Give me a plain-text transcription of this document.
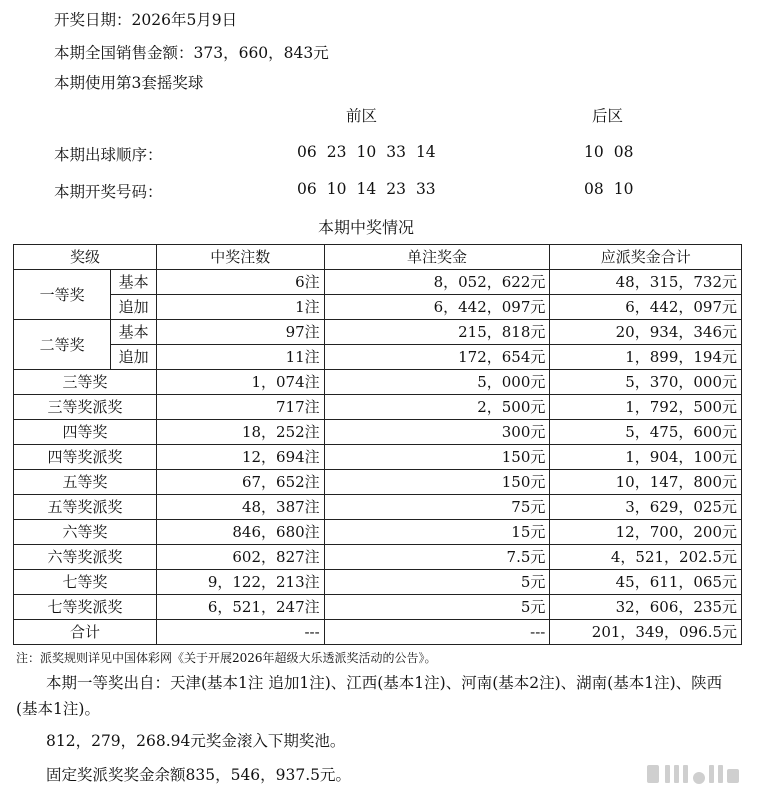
开奖日期：2026年5月9日
本期全国销售金额：373，660，843元
本期使用第3套摇奖球
前区	后区
本期出球顺序：	06 23 10 33 14	10 08
本期开奖号码：	06 10 14 23 33	08 10
本期中奖情况
奖级		中奖注数	单注奖金	应派奖金合计
一等奖	基本	6注	8，052，622元	48，315，732元
	追加	1注	6，442，097元	6，442，097元
二等奖	基本	97注	215，818元	20，934，346元
	追加	11注	172，654元	1，899，194元
三等奖		1，074注	5，000元	5，370，000元
三等奖派奖		717注	2，500元	1，792，500元
四等奖		18，252注	300元	5，475，600元
四等奖派奖		12，694注	150元	1，904，100元
五等奖		67，652注	150元	10，147，800元
五等奖派奖		48，387注	75元	3，629，025元
六等奖		846，680注	15元	12，700，200元
六等奖派奖		602，827注	7.5元	4，521，202.5元
七等奖		9，122，213注	5元	45，611，065元
七等奖派奖		6，521，247注	5元	32，606，235元
合计		---	---	201，349，096.5元
注：派奖规则详见中国体彩网《关于开展2026年超级大乐透派奖活动的公告》。
本期一等奖出自：天津(基本1注 追加1注)、江西(基本1注)、河南(基本2注)、湖南(基本1注)、陕西(基本1注)。
812，279，268.94元奖金滚入下期奖池。
固定奖派奖奖金余额835，546，937.5元。
